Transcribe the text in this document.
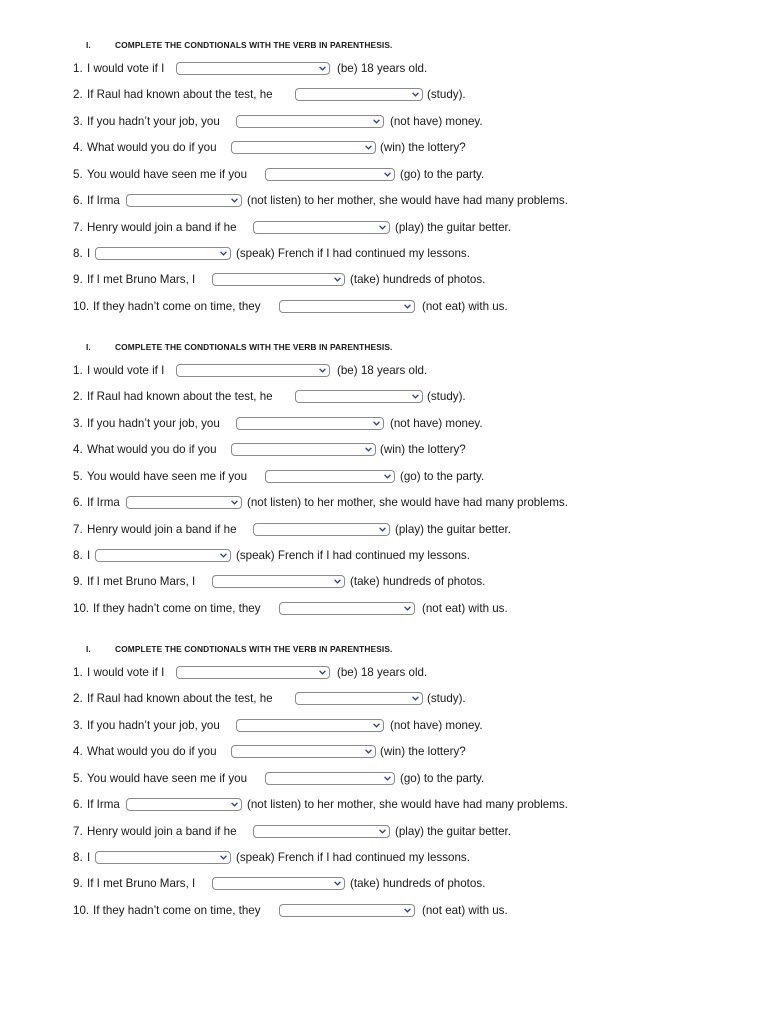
I.	COMPLETE THE CONDTIONALS WITH THE VERB IN PARENTHESIS.
1. I would vote if I	(be) 18 years old.
2. If Raul had known about the test, he	(study).
3. If you hadn’t your job, you	(not have) money.
4. What would you do if you	(win) the lottery?
5. You would have seen me if you	(go) to the party.
6. If Irma	(not listen) to her mother, she would have had many problems.
7. Henry would join a band if he	(play) the guitar better.
8. I	(speak) French if I had continued my lessons.
9. If I met Bruno Mars, I	(take) hundreds of photos.
10. If they hadn’t come on time, they	(not eat) with us.
I.	COMPLETE THE CONDTIONALS WITH THE VERB IN PARENTHESIS.
1. I would vote if I	(be) 18 years old.
2. If Raul had known about the test, he	(study).
3. If you hadn’t your job, you	(not have) money.
4. What would you do if you	(win) the lottery?
5. You would have seen me if you	(go) to the party.
6. If Irma	(not listen) to her mother, she would have had many problems.
7. Henry would join a band if he	(play) the guitar better.
8. I	(speak) French if I had continued my lessons.
9. If I met Bruno Mars, I	(take) hundreds of photos.
10. If they hadn’t come on time, they	(not eat) with us.
I.	COMPLETE THE CONDTIONALS WITH THE VERB IN PARENTHESIS.
1. I would vote if I	(be) 18 years old.
2. If Raul had known about the test, he	(study).
3. If you hadn’t your job, you	(not have) money.
4. What would you do if you	(win) the lottery?
5. You would have seen me if you	(go) to the party.
6. If Irma	(not listen) to her mother, she would have had many problems.
7. Henry would join a band if he	(play) the guitar better.
8. I	(speak) French if I had continued my lessons.
9. If I met Bruno Mars, I	(take) hundreds of photos.
10. If they hadn’t come on time, they	(not eat) with us.
